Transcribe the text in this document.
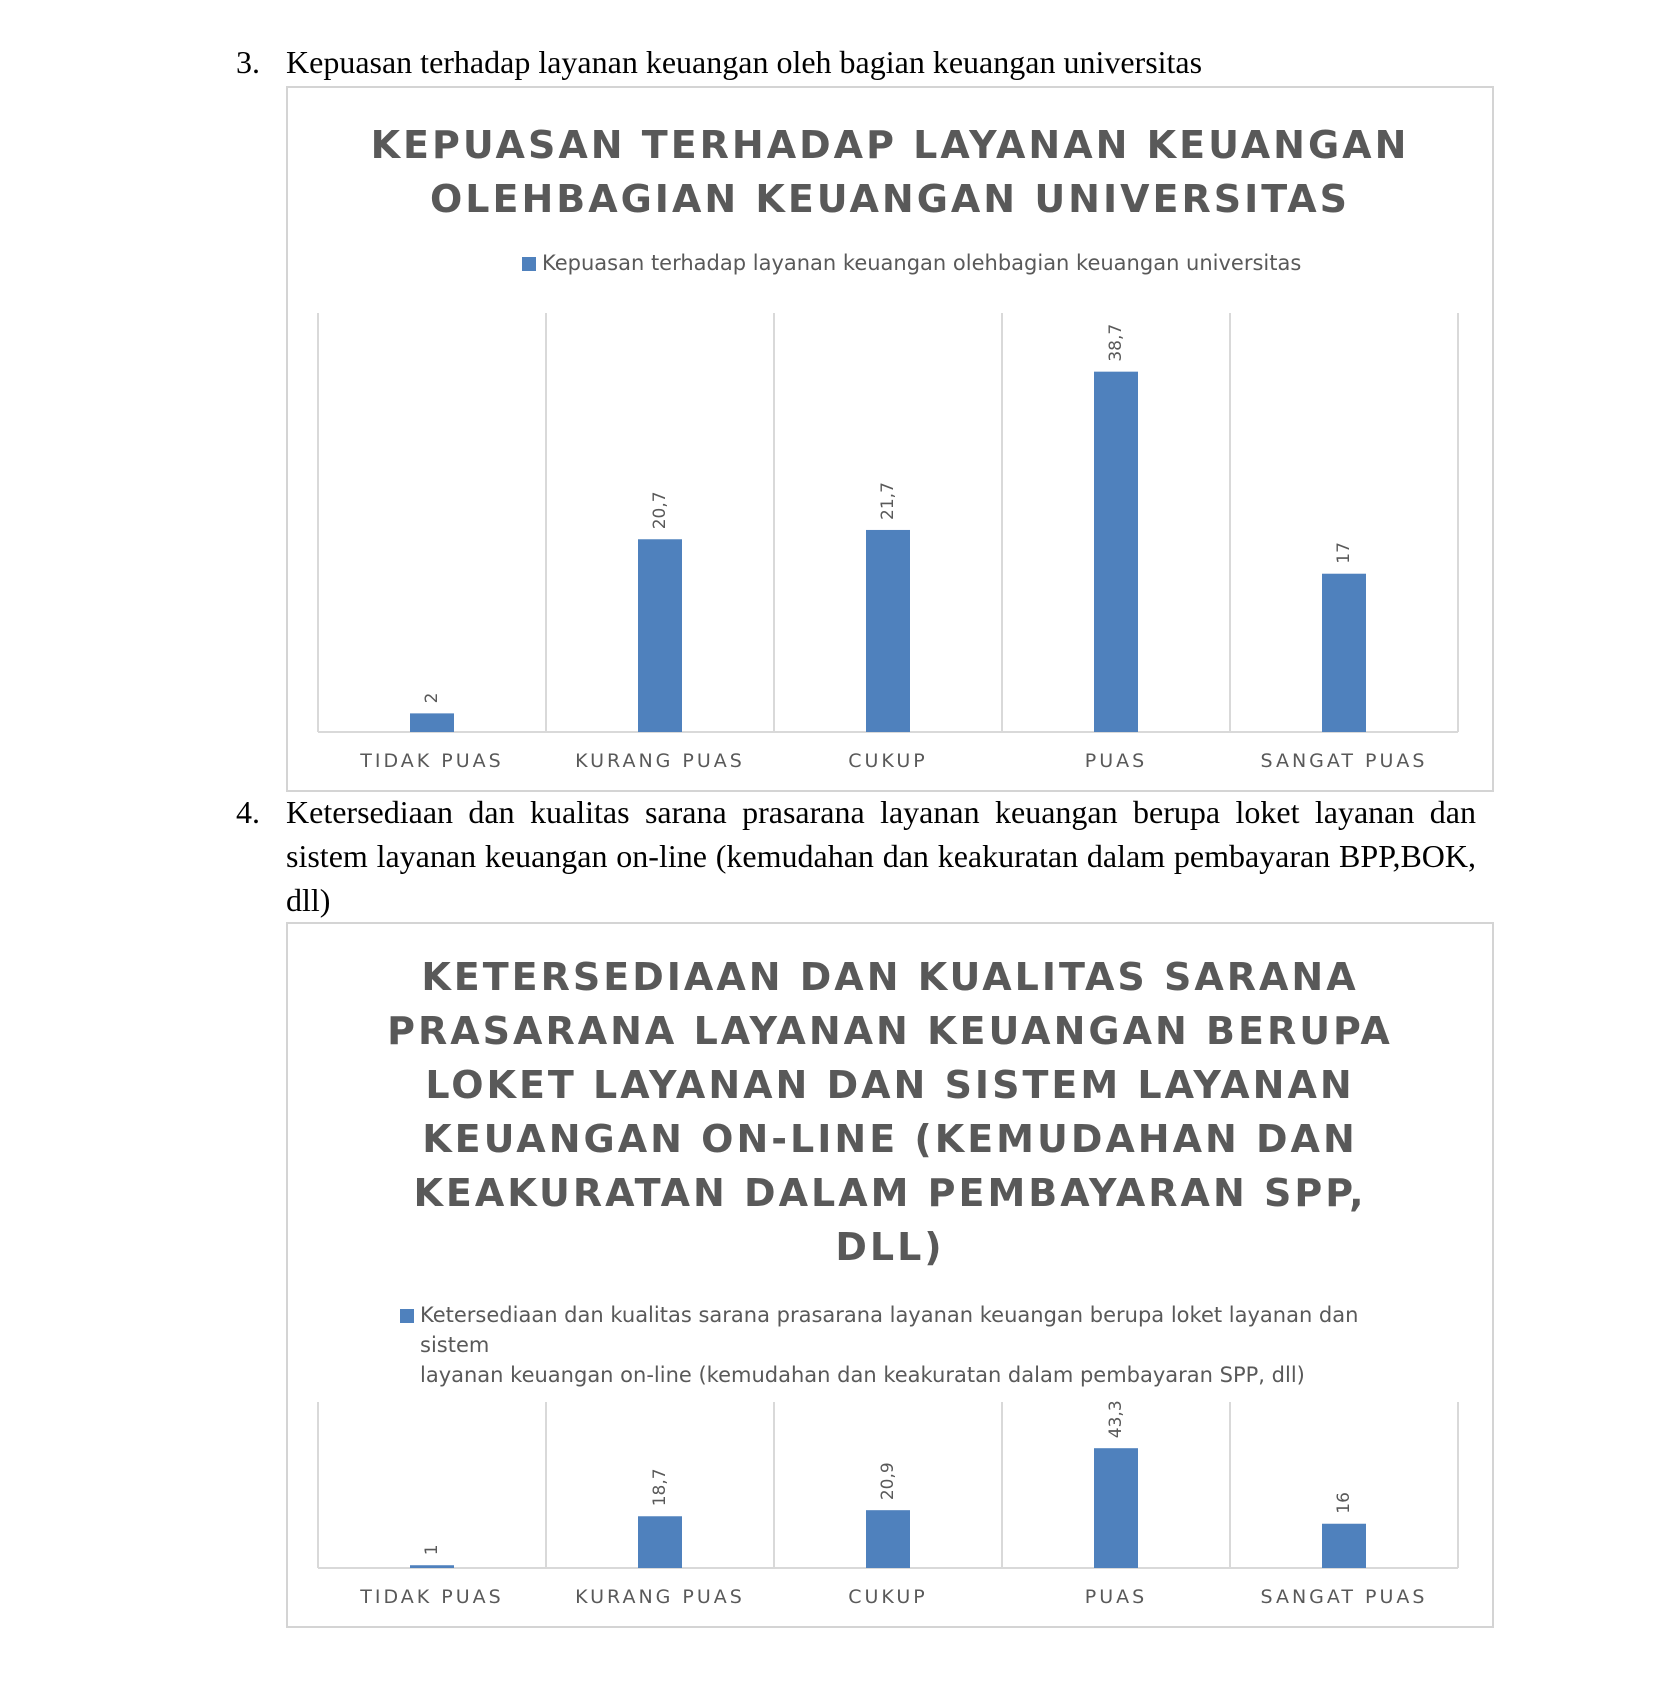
3. Kepuasan terhadap layanan keuangan oleh bagian keuangan universitas
KEPUASAN TERHADAP LAYANAN KEUANGAN
OLEHBAGIAN KEUANGAN UNIVERSITAS
Kepuasan terhadap layanan keuangan olehbagian keuangan universitas
2
TIDAK PUAS
20,7
KURANG PUAS
21,7
CUKUP
38,7
PUAS
17
SANGAT PUAS
4. Ketersediaan dan kualitas sarana prasarana layanan keuangan berupa loket layanan dan sistem layanan keuangan on-line (kemudahan dan keakuratan dalam pembayaran BPP,BOK, dll)
KETERSEDIAAN DAN KUALITAS SARANA
PRASARANA LAYANAN KEUANGAN BERUPA
LOKET LAYANAN DAN SISTEM LAYANAN
KEUANGAN ON-LINE (KEMUDAHAN DAN
KEAKURATAN DALAM PEMBAYARAN SPP,
DLL)
Ketersediaan dan kualitas sarana prasarana layanan keuangan berupa loket layanan dan sistem
layanan keuangan on-line (kemudahan dan keakuratan dalam pembayaran SPP, dll)
1
TIDAK PUAS
18,7
KURANG PUAS
20,9
CUKUP
43,3
PUAS
16
SANGAT PUAS
